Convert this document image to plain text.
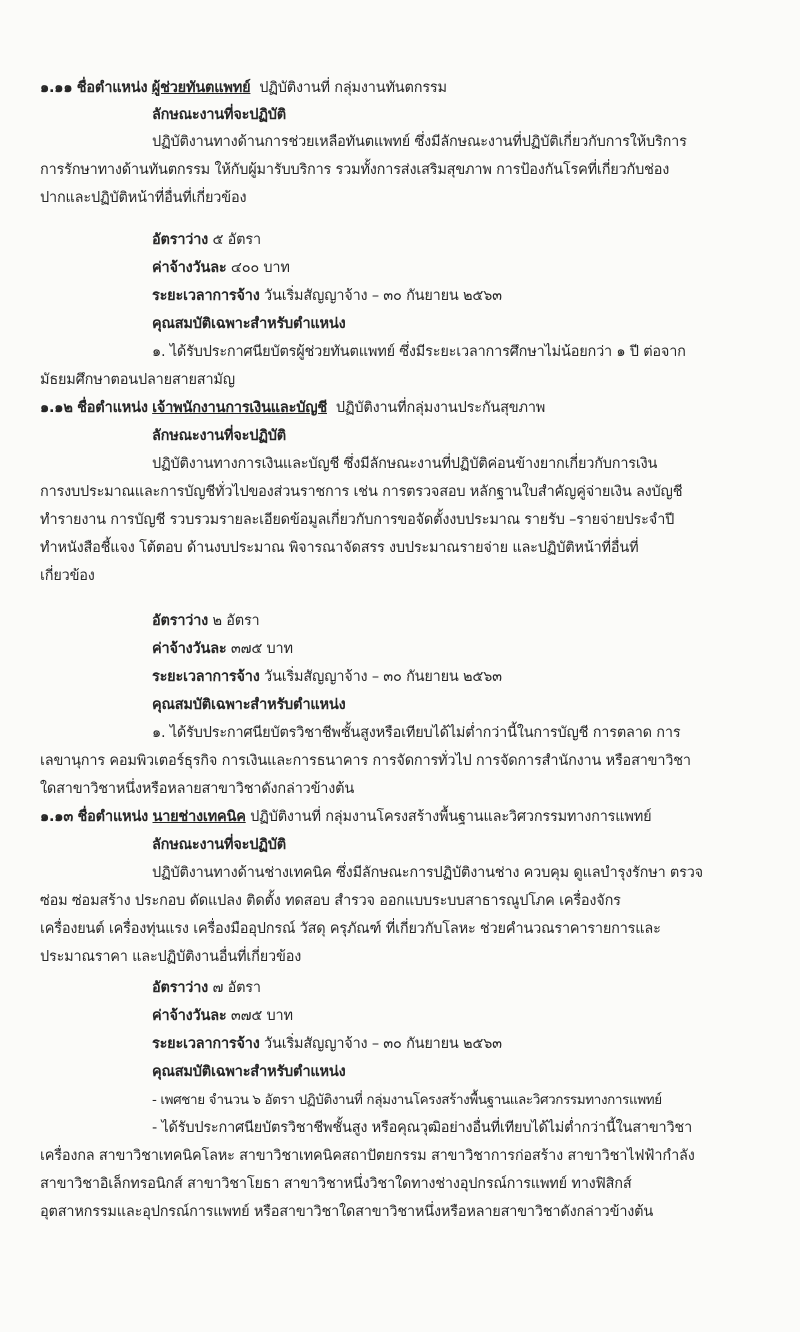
๑.๑๑ ชื่อตำแหน่ง ผู้ช่วยทันตแพทย์ ปฏิบัติงานที่ กลุ่มงานทันตกรรม
ลักษณะงานที่จะปฏิบัติ
ปฏิบัติงานทางด้านการช่วยเหลือทันตแพทย์ ซึ่งมีลักษณะงานที่ปฏิบัติเกี่ยวกับการให้บริการ
การรักษาทางด้านทันตกรรม ให้กับผู้มารับบริการ รวมทั้งการส่งเสริมสุขภาพ การป้องกันโรคที่เกี่ยวกับช่อง
ปากและปฏิบัติหน้าที่อื่นที่เกี่ยวข้อง
อัตราว่าง ๕ อัตรา
ค่าจ้างวันละ ๔๐๐ บาท
ระยะเวลาการจ้าง วันเริ่มสัญญาจ้าง – ๓๐ กันยายน ๒๕๖๓
คุณสมบัติเฉพาะสำหรับตำแหน่ง
๑. ได้รับประกาศนียบัตรผู้ช่วยทันตแพทย์ ซึ่งมีระยะเวลาการศึกษาไม่น้อยกว่า ๑ ปี ต่อจาก
มัธยมศึกษาตอนปลายสายสามัญ
๑.๑๒ ชื่อตำแหน่ง เจ้าพนักงานการเงินและบัญชี ปฏิบัติงานที่กลุ่มงานประกันสุขภาพ
ลักษณะงานที่จะปฏิบัติ
ปฏิบัติงานทางการเงินและบัญชี ซึ่งมีลักษณะงานที่ปฏิบัติค่อนข้างยากเกี่ยวกับการเงิน
การงบประมาณและการบัญชีทั่วไปของส่วนราชการ เช่น การตรวจสอบ หลักฐานใบสำคัญคู่จ่ายเงิน ลงบัญชี
ทำรายงาน การบัญชี รวบรวมรายละเอียดข้อมูลเกี่ยวกับการขอจัดตั้งงบประมาณ รายรับ –รายจ่ายประจำปี
ทำหนังสือชี้แจง โต้ตอบ ด้านงบประมาณ พิจารณาจัดสรร งบประมาณรายจ่าย และปฏิบัติหน้าที่อื่นที่
เกี่ยวข้อง
อัตราว่าง ๒ อัตรา
ค่าจ้างวันละ ๓๗๕ บาท
ระยะเวลาการจ้าง วันเริ่มสัญญาจ้าง – ๓๐ กันยายน ๒๕๖๓
คุณสมบัติเฉพาะสำหรับตำแหน่ง
๑. ได้รับประกาศนียบัตรวิชาชีพชั้นสูงหรือเทียบได้ไม่ต่ำกว่านี้ในการบัญชี การตลาด การ
เลขานุการ คอมพิวเตอร์ธุรกิจ การเงินและการธนาคาร การจัดการทั่วไป การจัดการสำนักงาน หรือสาขาวิชา
ใดสาขาวิชาหนึ่งหรือหลายสาขาวิชาดังกล่าวข้างต้น
๑.๑๓ ชื่อตำแหน่ง นายช่างเทคนิค ปฏิบัติงานที่ กลุ่มงานโครงสร้างพื้นฐานและวิศวกรรมทางการแพทย์
ลักษณะงานที่จะปฏิบัติ
ปฏิบัติงานทางด้านช่างเทคนิค ซึ่งมีลักษณะการปฏิบัติงานช่าง ควบคุม ดูแลบำรุงรักษา ตรวจ
ซ่อม ซ่อมสร้าง ประกอบ ดัดแปลง ติดตั้ง ทดสอบ สำรวจ ออกแบบระบบสาธารณูปโภค เครื่องจักร
เครื่องยนต์ เครื่องทุ่นแรง เครื่องมืออุปกรณ์ วัสดุ ครุภัณฑ์ ที่เกี่ยวกับโลหะ ช่วยคำนวณราคารายการและ
ประมาณราคา และปฏิบัติงานอื่นที่เกี่ยวข้อง
อัตราว่าง ๗ อัตรา
ค่าจ้างวันละ ๓๗๕ บาท
ระยะเวลาการจ้าง วันเริ่มสัญญาจ้าง – ๓๐ กันยายน ๒๕๖๓
คุณสมบัติเฉพาะสำหรับตำแหน่ง
- เพศชาย จำนวน ๖ อัตรา ปฏิบัติงานที่ กลุ่มงานโครงสร้างพื้นฐานและวิศวกรรมทางการแพทย์
- ได้รับประกาศนียบัตรวิชาชีพชั้นสูง หรือคุณวุฒิอย่างอื่นที่เทียบได้ไม่ต่ำกว่านี้ในสาขาวิชา
เครื่องกล สาขาวิชาเทคนิคโลหะ สาขาวิชาเทคนิคสถาปัตยกรรม สาขาวิชาการก่อสร้าง สาขาวิชาไฟฟ้ากำลัง
สาขาวิชาอิเล็กทรอนิกส์ สาขาวิชาโยธา สาขาวิชาหนึ่งวิชาใดทางช่างอุปกรณ์การแพทย์ ทางฟิสิกส์
อุตสาหกรรมและอุปกรณ์การแพทย์ หรือสาขาวิชาใดสาขาวิชาหนึ่งหรือหลายสาขาวิชาดังกล่าวข้างต้น
